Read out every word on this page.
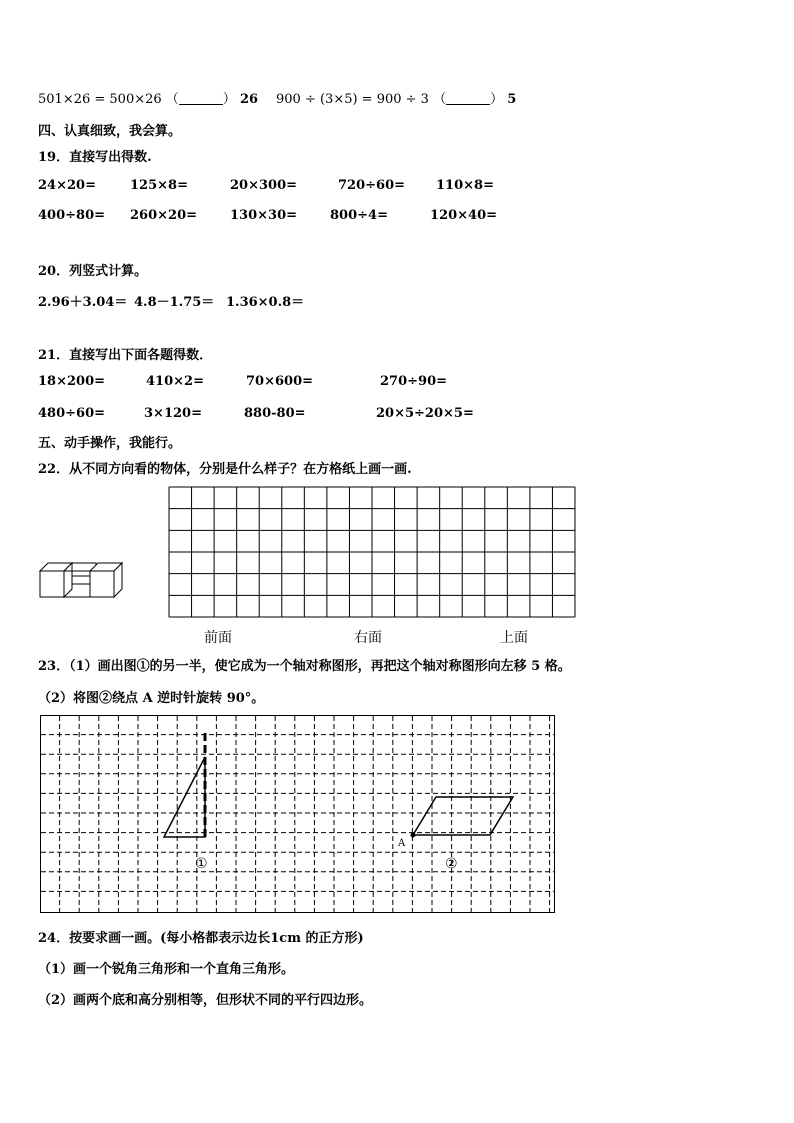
501×26 = 500×26 （	） 26 900 ÷ (3×5) = 900 ÷ 3 （	） 5
四、认真细致，我会算。
19．直接写出得数.
24×20=	125×8=	20×300=	720÷60= 110×8=
400÷80= 260×20=	130×30=	800÷4=	120×40=
20．列竖式计算。
2.96＋3.04＝ 4.8－1.75＝ 1.36×0.8＝
21．直接写出下面各题得数．
18×200=	410×2=	70×600=	270÷90=
480÷60=	3×120=	880-80=	20×5÷20×5=
五、动手操作，我能行。
22．从不同方向看的物体，分别是什么样子？在方格纸上画一画.
前面	右面	上面
23．（1）画出图①的另一半，使它成为一个轴对称图形，再把这个轴对称图形向左移 5 格。
（2）将图②绕点 A 逆时针旋转 90°。
A
①	②
24．按要求画一画。(每小格都表示边长1cm 的正方形)
（1）画一个锐角三角形和一个直角三角形。
（2）画两个底和高分别相等，但形状不同的平行四边形。
